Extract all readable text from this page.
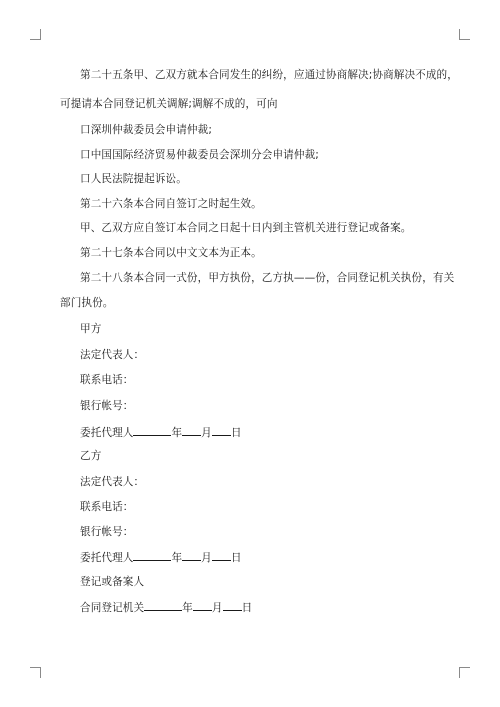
第二十五条甲、乙双方就本合同发生的纠纷，应通过协商解决;协商解决不成的，
可提请本合同登记机关调解;调解不成的，可向
口深圳仲裁委员会申请仲裁;
口中国国际经济贸易仲裁委员会深圳分会申请仲裁;
口人民法院提起诉讼。
第二十六条本合同自签订之时起生效。
甲、乙双方应自签订本合同之日起十日内到主管机关进行登记或备案。
第二十七条本合同以中文文本为正本。
第二十八条本合同一式份，甲方执份，乙方执——份，合同登记机关执份，有关
部门执份。
甲方
法定代表人：
联系电话：
银行帐号：
委托代理人	年 月 日
乙方
法定代表人：
联系电话：
银行帐号：
委托代理人	年 月 日
登记或备案人
合同登记机关	年 月 日
